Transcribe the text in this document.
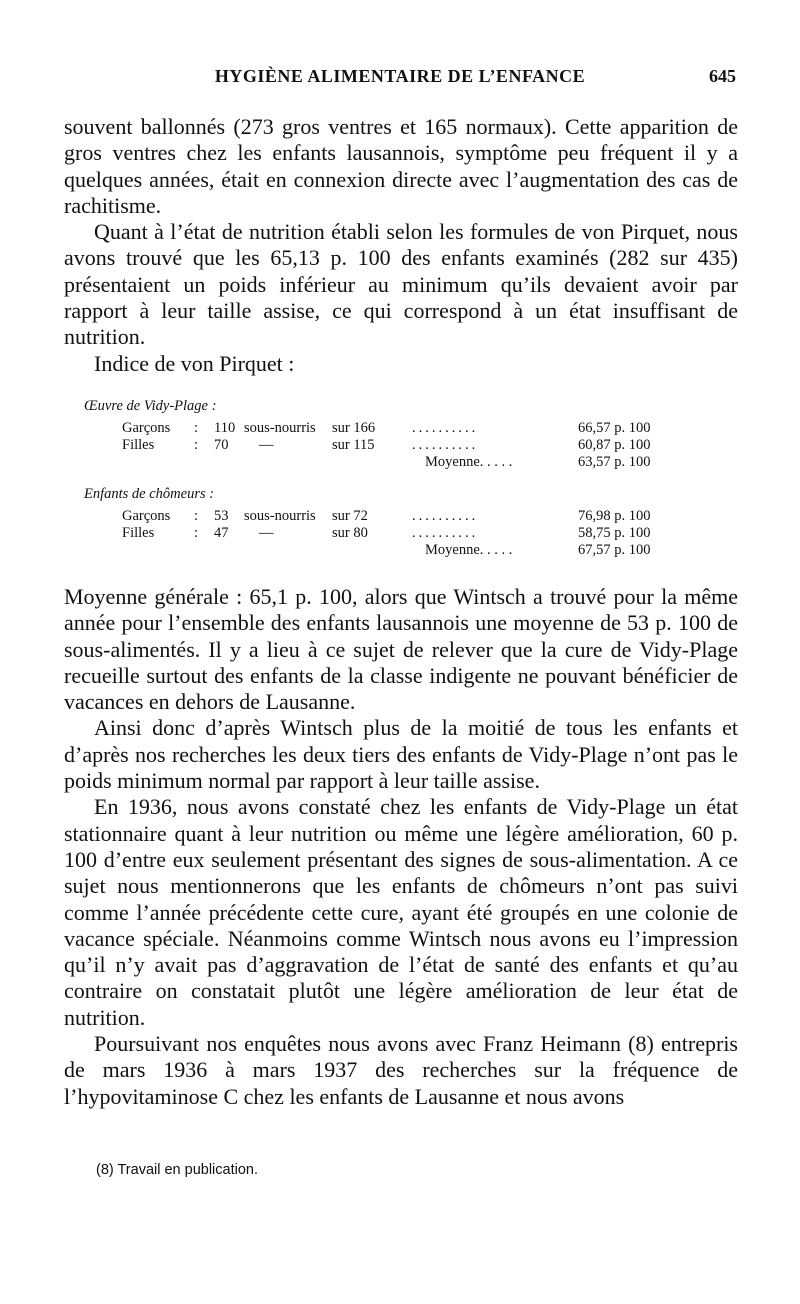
HYGIÈNE ALIMENTAIRE DE L’ENFANCE	645

souvent ballonnés (273 gros ventres et 165 normaux). Cette apparition de gros ventres chez les enfants lausannois, symptôme peu fréquent il y a quelques années, était en connexion directe avec l’augmentation des cas de rachitisme.

Quant à l’état de nutrition établi selon les formules de von Pirquet, nous avons trouvé que les 65,13 p. 100 des enfants examinés (282 sur 435) présentaient un poids inférieur au minimum qu’ils devaient avoir par rapport à leur taille assise, ce qui correspond à un état insuffisant de nutrition.

Indice de von Pirquet :

Œuvre de Vidy-Plage :

Garçons : 110 sous-nourris sur 166	..........	66,57 p. 100
Filles	: 70 —	sur 115	..........	60,87 p. 100
Moyenne. . . . .	63,57 p. 100

Enfants de chômeurs :

Garçons : 53 sous-nourris sur 72	..........	76,98 p. 100
Filles	: 47 —	sur 80	..........	58,75 p. 100
Moyenne. . . . .	67,57 p. 100

Moyenne générale : 65,1 p. 100, alors que Wintsch a trouvé pour la même année pour l’ensemble des enfants lausannois une moyenne de 53 p. 100 de sous-alimentés. Il y a lieu à ce sujet de relever que la cure de Vidy-Plage recueille surtout des enfants de la classe indigente ne pouvant bénéficier de vacances en dehors de Lausanne.

Ainsi donc d’après Wintsch plus de la moitié de tous les enfants et d’après nos recherches les deux tiers des enfants de Vidy-Plage n’ont pas le poids minimum normal par rapport à leur taille assise.

En 1936, nous avons constaté chez les enfants de Vidy-Plage un état stationnaire quant à leur nutrition ou même une légère amélioration, 60 p. 100 d’entre eux seulement présentant des signes de sous-alimentation. A ce sujet nous mentionnerons que les enfants de chômeurs n’ont pas suivi comme l’année précédente cette cure, ayant été groupés en une colonie de vacance spéciale. Néanmoins comme Wintsch nous avons eu l’impression qu’il n’y avait pas d’aggravation de l’état de santé des enfants et qu’au contraire on constatait plutôt une légère amélioration de leur état de nutrition.

Poursuivant nos enquêtes nous avons avec Franz Heimann (8) entrepris de mars 1936 à mars 1937 des recherches sur la fréquence de l’hypovitaminose C chez les enfants de Lausanne et nous avons

(8) Travail en publication.
